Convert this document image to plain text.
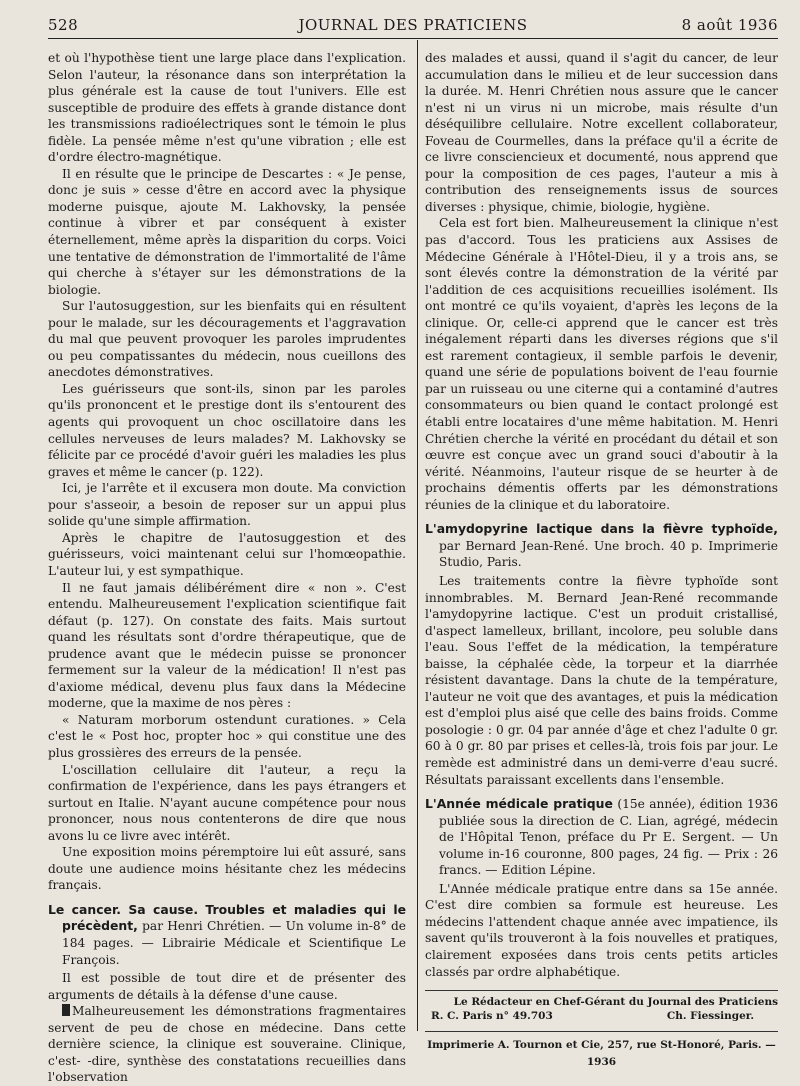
528	JOURNAL DES PRATICIENS	8 août 1936

et où l'hypothèse tient une large place dans l'explication. Selon l'auteur, la résonance dans son interprétation la plus générale est la cause de tout l'univers. Elle est susceptible de produire des effets à grande distance dont les transmissions radioélectriques sont le témoin le plus fidèle. La pensée même n'est qu'une vibration ; elle est d'ordre électro-magnétique.

Il en résulte que le principe de Descartes : « Je pense, donc je suis » cesse d'être en accord avec la physique moderne puisque, ajoute M. Lakhovsky, la pensée continue à vibrer et par conséquent à exister éternellement, même après la disparition du corps. Voici une tentative de démonstration de l'immortalité de l'âme qui cherche à s'étayer sur les démonstrations de la biologie.

Sur l'autosuggestion, sur les bienfaits qui en résultent pour le malade, sur les découragements et l'aggravation du mal que peuvent provoquer les paroles imprudentes ou peu compatissantes du médecin, nous cueillons des anecdotes démonstratives.

Les guérisseurs que sont-ils, sinon par les paroles qu'ils prononcent et le prestige dont ils s'entourent des agents qui provoquent un choc oscillatoire dans les cellules nerveuses de leurs malades? M. Lakhovsky se félicite par ce procédé d'avoir guéri les maladies les plus graves et même le cancer (p. 122).

Ici, je l'arrête et il excusera mon doute. Ma conviction pour s'asseoir, a besoin de reposer sur un appui plus solide qu'une simple affirmation.

Après le chapitre de l'autosuggestion et des guérisseurs, voici maintenant celui sur l'homœopathie. L'auteur lui, y est sympathique.

Il ne faut jamais délibérément dire « non ». C'est entendu. Malheureusement l'explication scientifique fait défaut (p. 127). On constate des faits. Mais surtout quand les résultats sont d'ordre thérapeutique, que de prudence avant que le médecin puisse se prononcer fermement sur la valeur de la médication! Il n'est pas d'axiome médical, devenu plus faux dans la Médecine moderne, que la maxime de nos pères :

« Naturam morborum ostendunt curationes. » Cela c'est le « Post hoc, propter hoc » qui constitue une des plus grossières des erreurs de la pensée.

L'oscillation cellulaire dit l'auteur, a reçu la confirmation de l'expérience, dans les pays étrangers et surtout en Italie. N'ayant aucune compétence pour nous prononcer, nous nous contenterons de dire que nous avons lu ce livre avec intérêt.

Une exposition moins péremptoire lui eût assuré, sans doute une audience moins hésitante chez les médecins français.

Le cancer. Sa cause. Troubles et maladies qui le précèdent, par Henri Chrétien. — Un volume in-8° de 184 pages. — Librairie Médicale et Scientifique Le François.

Il est possible de tout dire et de présenter des arguments de détails à la défense d'une cause.

Malheureusement les démonstrations fragmentaires servent de peu de chose en médecine. Dans cette dernière science, la clinique est souveraine. Clinique, c'est- -dire, synthèse des constatations recueillies dans l'observation

des malades et aussi, quand il s'agit du cancer, de leur accumulation dans le milieu et de leur succession dans la durée. M. Henri Chrétien nous assure que le cancer n'est ni un virus ni un microbe, mais résulte d'un déséquilibre cellulaire. Notre excellent collaborateur, Foveau de Courmelles, dans la préface qu'il a écrite de ce livre consciencieux et documenté, nous apprend que pour la composition de ces pages, l'auteur a mis à contribution des renseignements issus de sources diverses : physique, chimie, biologie, hygiène.

Cela est fort bien. Malheureusement la clinique n'est pas d'accord. Tous les praticiens aux Assises de Médecine Générale à l'Hôtel-Dieu, il y a trois ans, se sont élevés contre la démonstration de la vérité par l'addition de ces acquisitions recueillies isolément. Ils ont montré ce qu'ils voyaient, d'après les leçons de la clinique. Or, celle-ci apprend que le cancer est très inégalement réparti dans les diverses régions que s'il est rarement contagieux, il semble parfois le devenir, quand une série de populations boivent de l'eau fournie par un ruisseau ou une citerne qui a contaminé d'autres consommateurs ou bien quand le contact prolongé est établi entre locataires d'une même habitation. M. Henri Chrétien cherche la vérité en procédant du détail et son œuvre est conçue avec un grand souci d'aboutir à la vérité. Néanmoins, l'auteur risque de se heurter à de prochains démentis offerts par les démonstrations réunies de la clinique et du laboratoire.

L'amydopyrine lactique dans la fièvre typhoïde, par Bernard Jean-René. Une broch. 40 p. Imprimerie Studio, Paris.

Les traitements contre la fièvre typhoïde sont innombrables. M. Bernard Jean-René recommande l'amydopyrine lactique. C'est un produit cristallisé, d'aspect lamelleux, brillant, incolore, peu soluble dans l'eau. Sous l'effet de la médication, la température baisse, la céphalée cède, la torpeur et la diarrhée résistent davantage. Dans la chute de la température, l'auteur ne voit que des avantages, et puis la médication est d'emploi plus aisé que celle des bains froids. Comme posologie : 0 gr. 04 par année d'âge et chez l'adulte 0 gr. 60 à 0 gr. 80 par prises et celles-là, trois fois par jour. Le remède est administré dans un demi-verre d'eau sucré. Résultats paraissant excellents dans l'ensemble.

L'Année médicale pratique (15e année), édition 1936 publiée sous la direction de C. Lian, agrégé, médecin de l'Hôpital Tenon, préface du Pr E. Sergent. — Un volume in-16 couronne, 800 pages, 24 fig. — Prix : 26 francs. — Edition Lépine.

L'Année médicale pratique entre dans sa 15e année. C'est dire combien sa formule est heureuse. Les médecins l'attendent chaque année avec impatience, ils savent qu'ils trouveront à la fois nouvelles et pratiques, clairement exposées dans trois cents petits articles classés par ordre alphabétique.

Le Rédacteur en Chef-Gérant du Journal des Praticiens
R. C. Paris n° 49.703	Ch. Fiessinger.
Imprimerie A. Tournon et Cie, 257, rue St-Honoré, Paris. — 1936
